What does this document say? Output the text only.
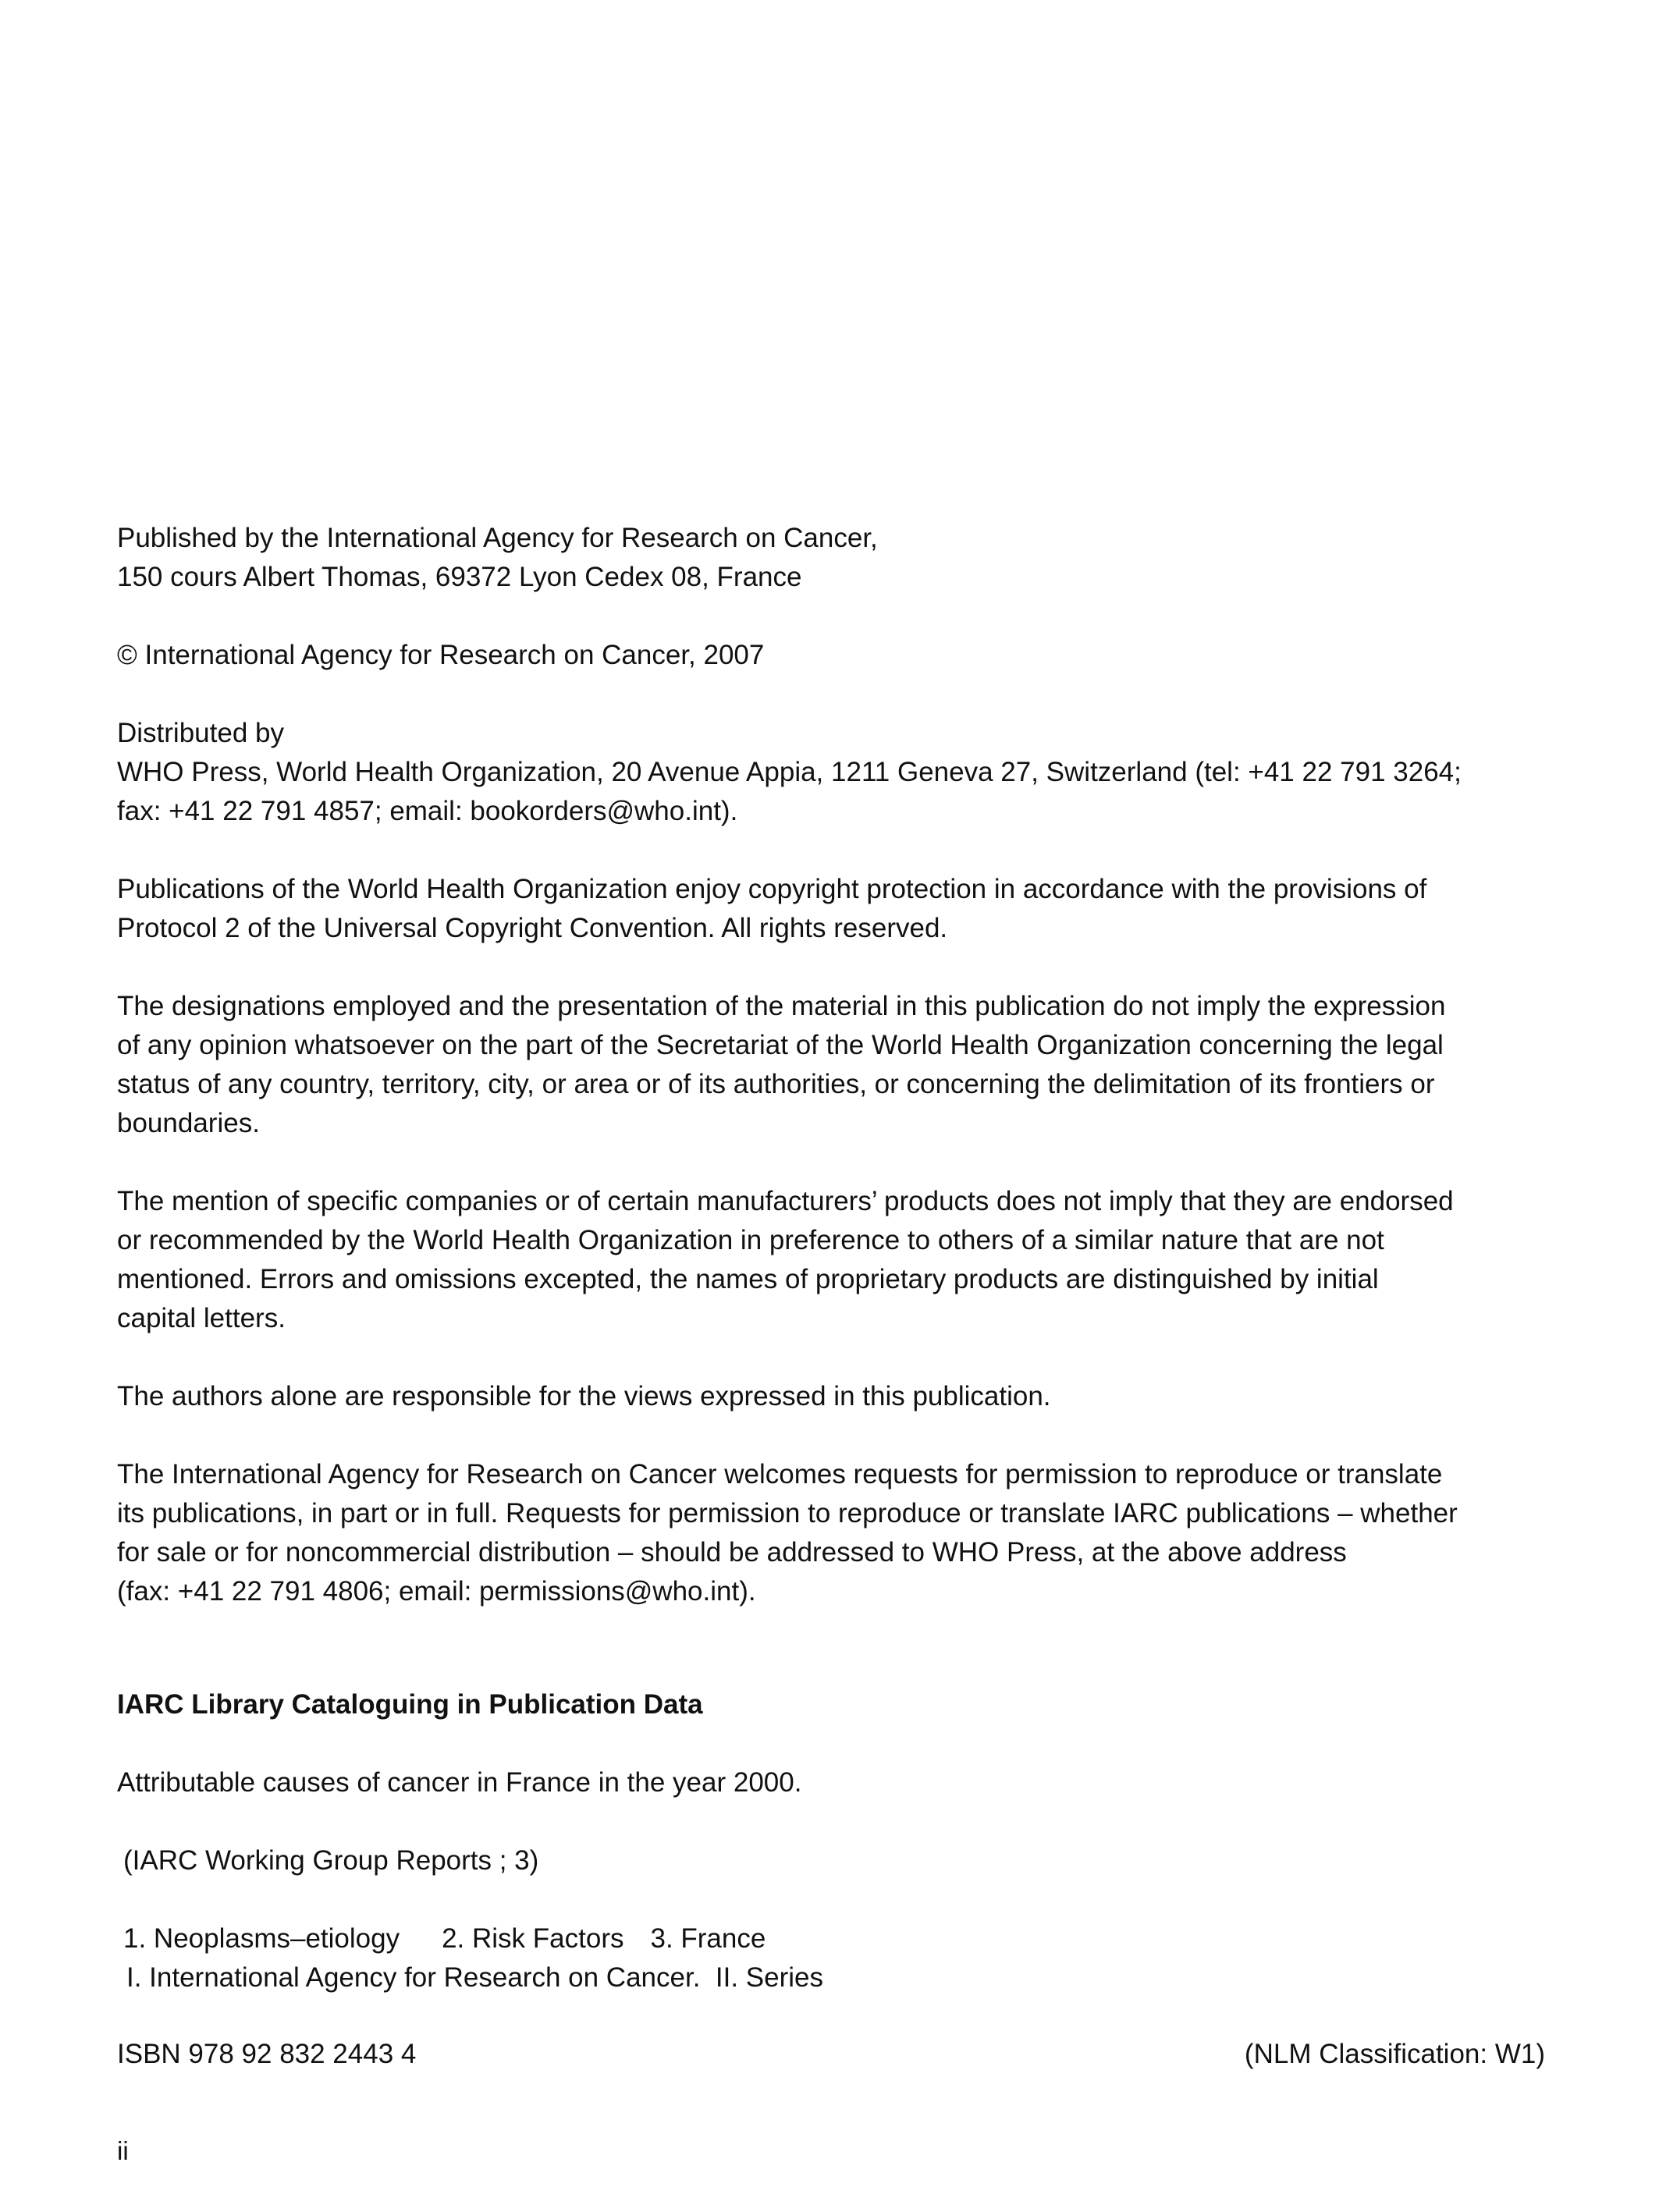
Published by the International Agency for Research on Cancer,
150 cours Albert Thomas, 69372 Lyon Cedex 08, France
© International Agency for Research on Cancer, 2007
Distributed by
WHO Press, World Health Organization, 20 Avenue Appia, 1211 Geneva 27, Switzerland (tel: +41 22 791 3264;
fax: +41 22 791 4857; email: bookorders@who.int).
Publications of the World Health Organization enjoy copyright protection in accordance with the provisions of
Protocol 2 of the Universal Copyright Convention. All rights reserved.
The designations employed and the presentation of the material in this publication do not imply the expression
of any opinion whatsoever on the part of the Secretariat of the World Health Organization concerning the legal
status of any country, territory, city, or area or of its authorities, or concerning the delimitation of its frontiers or
boundaries.
The mention of specific companies or of certain manufacturers’ products does not imply that they are endorsed
or recommended by the World Health Organization in preference to others of a similar nature that are not
mentioned. Errors and omissions excepted, the names of proprietary products are distinguished by initial
capital letters.
The authors alone are responsible for the views expressed in this publication.
The International Agency for Research on Cancer welcomes requests for permission to reproduce or translate
its publications, in part or in full. Requests for permission to reproduce or translate IARC publications – whether
for sale or for noncommercial distribution – should be addressed to WHO Press, at the above address
(fax: +41 22 791 4806; email: permissions@who.int).
IARC Library Cataloguing in Publication Data
Attributable causes of cancer in France in the year 2000.
(IARC Working Group Reports ; 3)
1. Neoplasms–etiology 2. Risk Factors 3. France
I. International Agency for Research on Cancer. II. Series
ISBN 978 92 832 2443 4	(NLM Classification: W1)
ii
